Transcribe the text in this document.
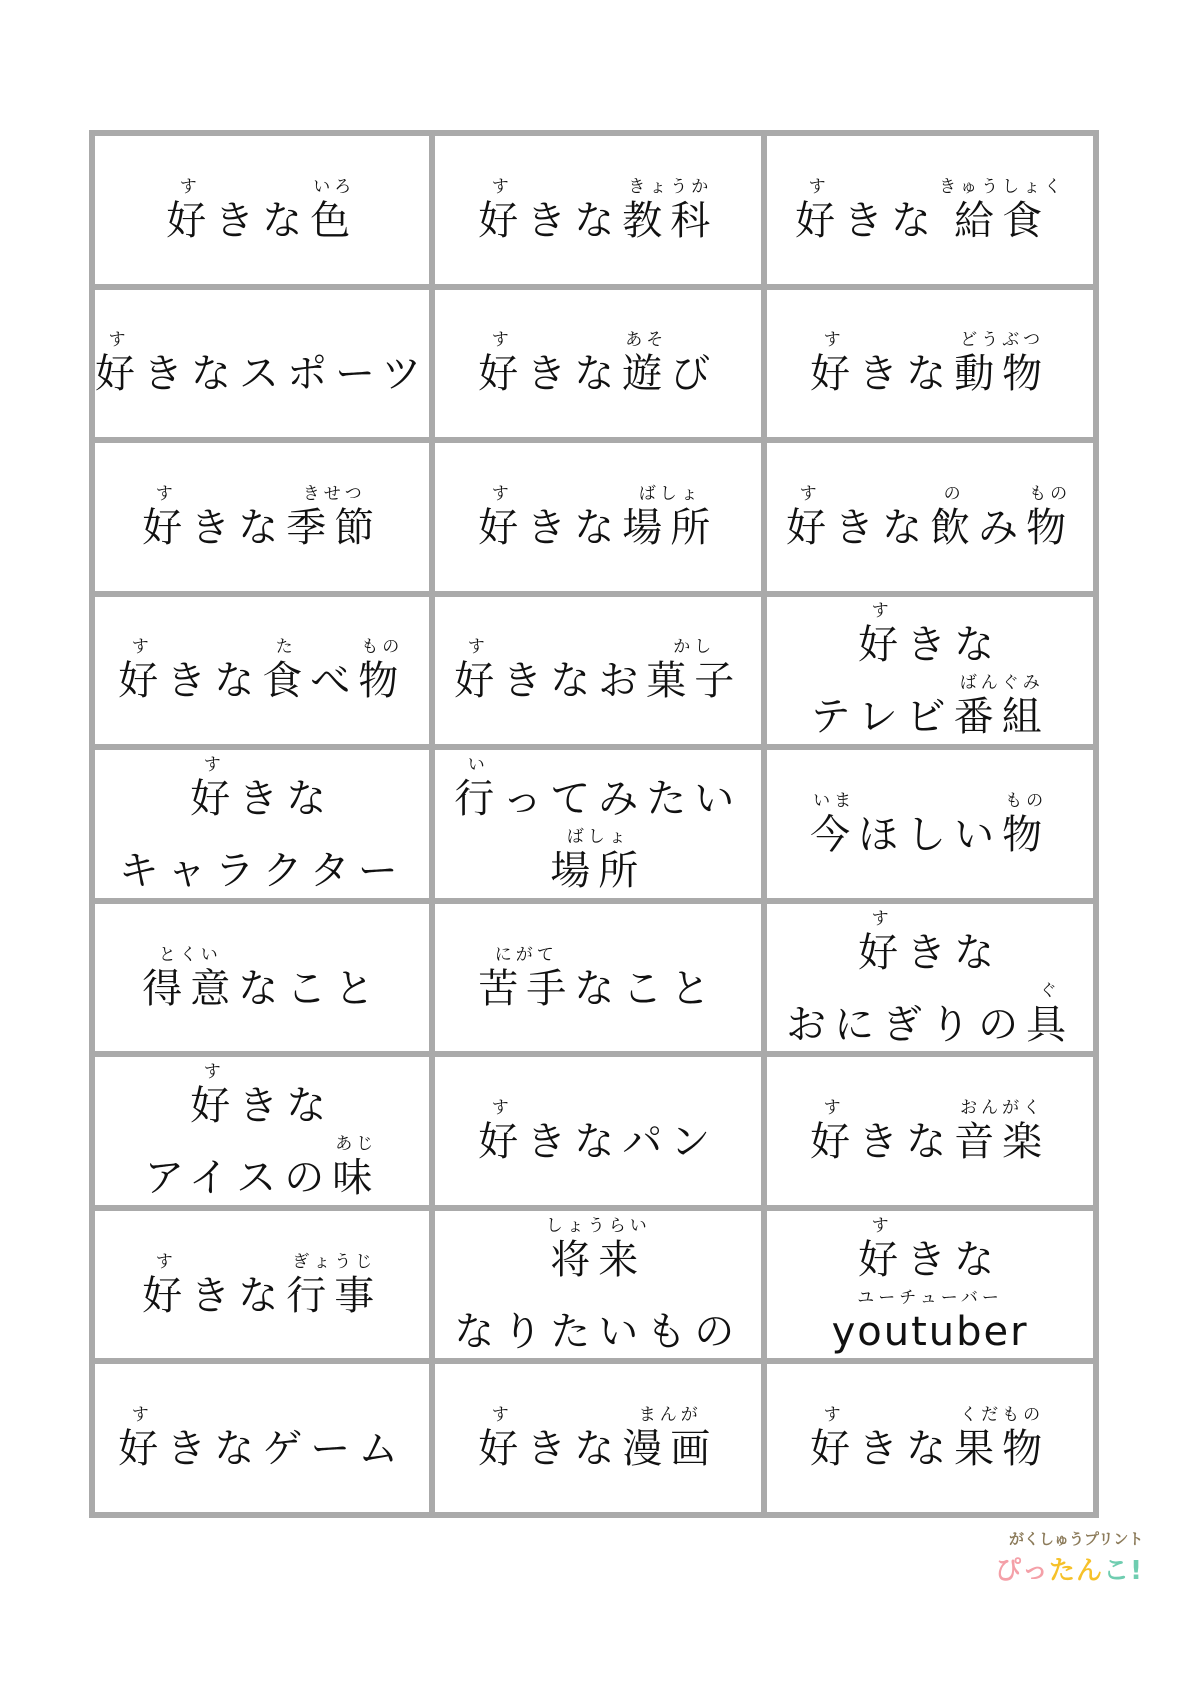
す
好
きな
いろ
色
す
好
きな
きょうか
教科
す
好
きな
きゅうしょく
給食
す
好
きなスポーツ
す
好
きな
あそ
遊
び
す
好
きな
どうぶつ
動物
す
好
きな
きせつ
季節
す
好
きな
ばしょ
場所
す
好
きな
の
飲
み
もの
物
す
好
きな
た
食
べ
もの
物
す
好
きなお
かし
菓子
す
好
きな

テレビ
ばんぐみ
番組
す
好
きな

キャラクター
い
行
ってみたい
ばしょ
場所
いま
今
ほしい
もの
物
とくい
得意
なこと
にがて
苦手
なこと
す
好
きな

おにぎりの
ぐ
具
す
好
きな

アイスの
あじ
味
す
好
きなパン
す
好
きな
おんがく
音楽
す
好
きな
ぎょうじ
行事
しょうらい
将来

なりたいもの
す
好
きな
ユーチューバー
youtuber
す
好
きなゲーム
す
好
きな
まんが
漫画
す
好
きな
くだもの
果物
がくしゅうプリント
ぴったんこ!
